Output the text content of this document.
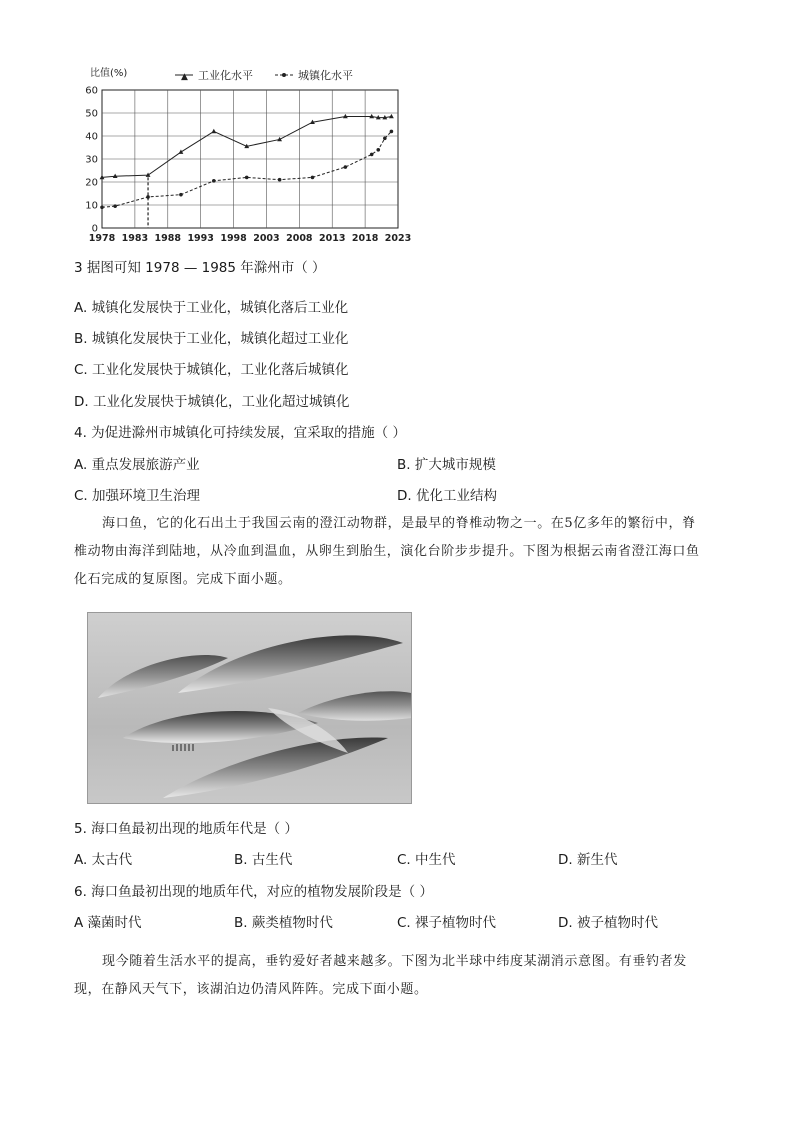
比值(%)	▲ 工业化水平	城镇化水平
0
10
20
30
40
50
60
1978 1983 1988 1993 1998 2003 2008 2013 2018 2023
3 据图可知 1978 — 1985 年滁州市（ ）
A. 城镇化发展快于工业化，城镇化落后工业化
B. 城镇化发展快于工业化，城镇化超过工业化
C. 工业化发展快于城镇化，工业化落后城镇化
D. 工业化发展快于城镇化，工业化超过城镇化
4. 为促进滁州市城镇化可持续发展，宜采取的措施（ ）
A. 重点发展旅游产业	B. 扩大城市规模
C. 加强环境卫生治理	D. 优化工业结构
海口鱼，它的化石出土于我国云南的澄江动物群，是最早的脊椎动物之一。在5亿多年的繁衍中，脊
椎动物由海洋到陆地，从冷血到温血，从卵生到胎生，演化台阶步步提升。下图为根据云南省澄江海口鱼
化石完成的复原图。完成下面小题。
5. 海口鱼最初出现的地质年代是（ ）
A. 太古代	B. 古生代	C. 中生代	D. 新生代
6. 海口鱼最初出现的地质年代，对应的植物发展阶段是（ ）
A 藻菌时代	B. 蕨类植物时代	C. 裸子植物时代	D. 被子植物时代
现今随着生活水平的提高，垂钓爱好者越来越多。下图为北半球中纬度某湖消示意图。有垂钓者发
现，在静风天气下，该湖泊边仍清风阵阵。完成下面小题。
